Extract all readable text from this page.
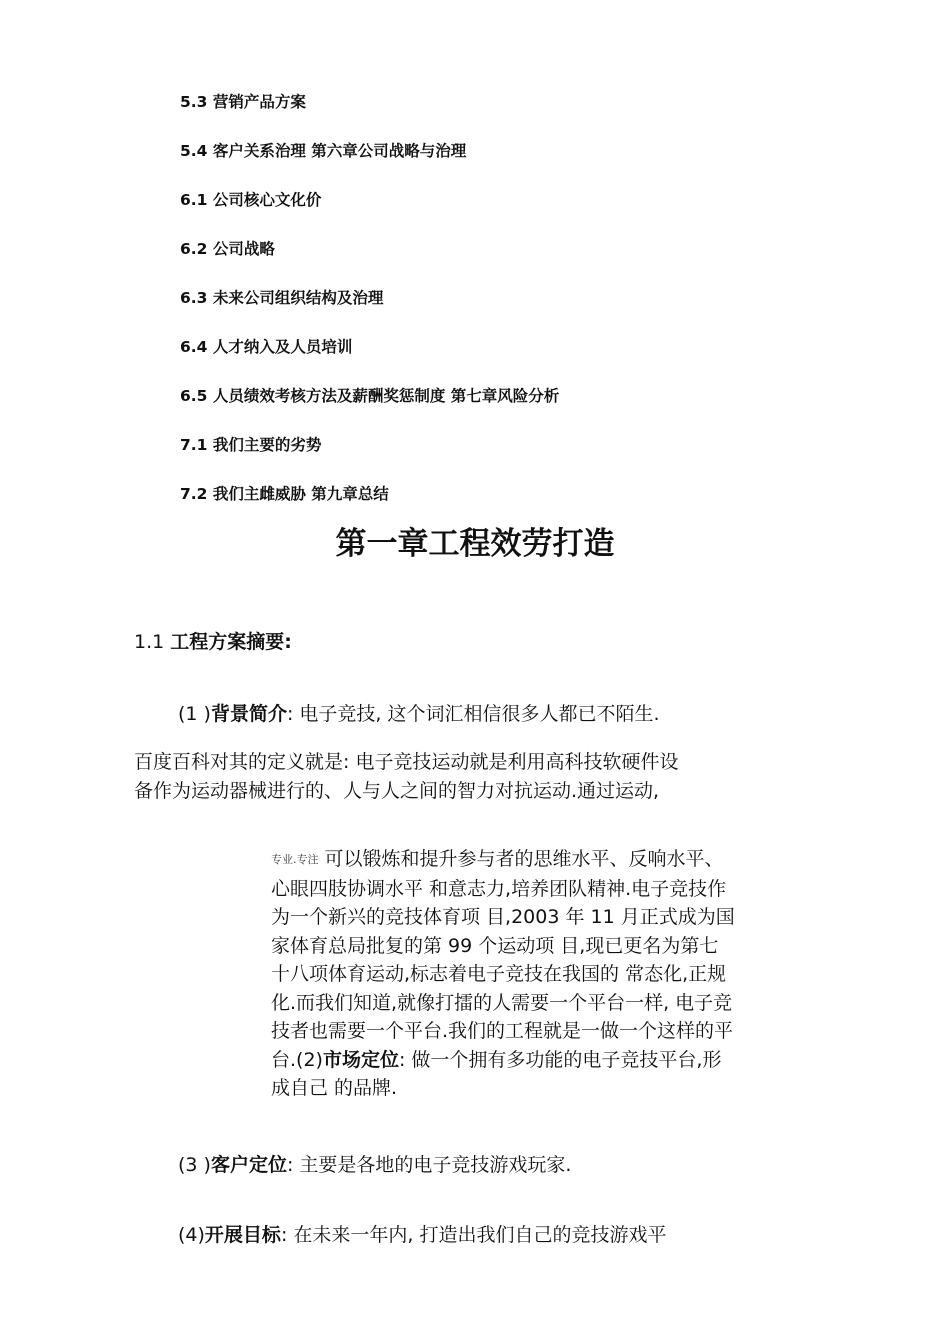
5.3 营销产品方案
5.4 客户关系治理 第六章公司战略与治理
6.1 公司核心文化价
6.2 公司战略
6.3 未来公司组织结构及治理
6.4 人才纳入及人员培训
6.5 人员绩效考核方法及薪酬奖惩制度 第七章风险分析
7.1 我们主要的劣势
7.2 我们主雌威胁 第九章总结
第一章工程效劳打造
1.1 工程方案摘要:
(1 )背景简介: 电子竞技, 这个词汇相信很多人都已不陌生.
百度百科对其的定义就是: 电子竞技运动就是利用高科技软硬件设
备作为运动器械进行的、人与人之间的智力对抗运动.通过运动,
专业.专注 可以锻炼和提升参与者的思维水平、反响水平、
心眼四肢协调水平 和意志力,培养团队精神.电子竞技作
为一个新兴的竞技体育项 目,2003 年 11 月正式成为国
家体育总局批复的第 99 个运动项 目,现已更名为第七
十八项体育运动,标志着电子竞技在我国的 常态化,正规
化.而我们知道,就像打擂的人需要一个平台一样, 电子竞
技者也需要一个平台.我们的工程就是一做一个这样的平
台.(2)市场定位: 做一个拥有多功能的电子竞技平台,形
成自己 的品牌.
(3 )客户定位: 主要是各地的电子竞技游戏玩家.
(4)开展目标: 在未来一年内, 打造出我们自己的竞技游戏平
